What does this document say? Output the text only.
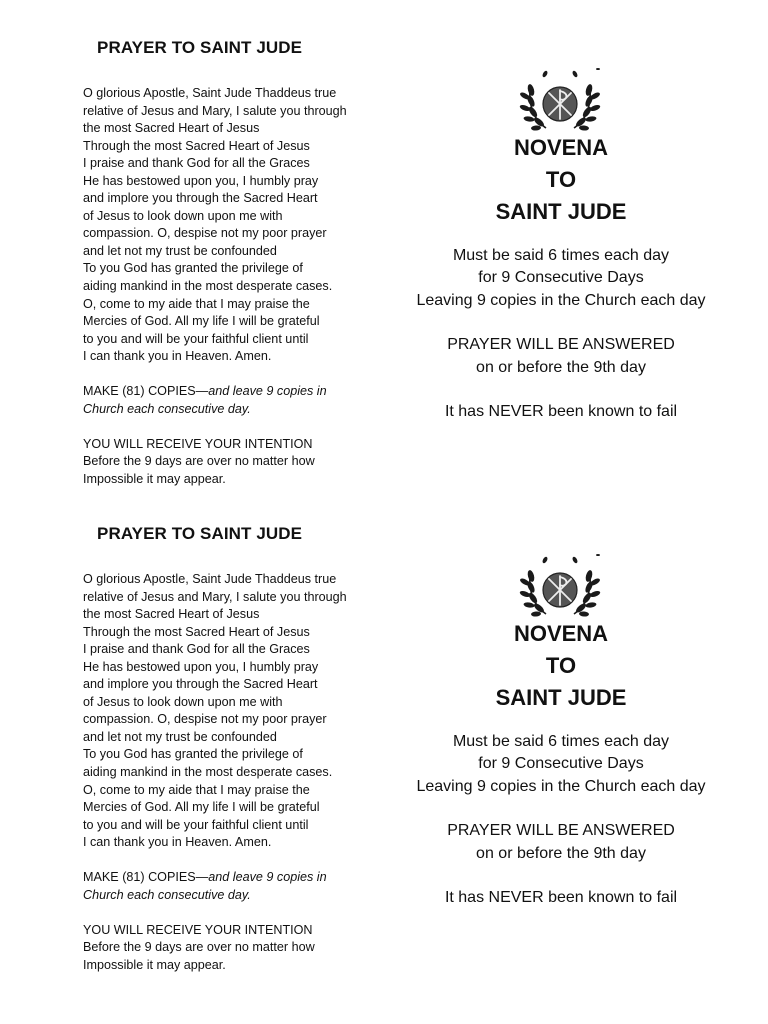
PRAYER TO SAINT JUDE
O glorious Apostle, Saint Jude Thaddeus true
relative of Jesus and Mary, I salute you through
the most Sacred Heart of Jesus
Through the most Sacred Heart of Jesus
I praise and thank God for all the Graces
He has bestowed upon you, I humbly pray
and implore you through the Sacred Heart
of Jesus to look down upon me with
compassion. O, despise not my poor prayer
and let not my trust be confounded
To you God has granted the privilege of
aiding mankind in the most desperate cases.
O, come to my aide that I may praise the
Mercies of God. All my life I will be grateful
to you and will be your faithful client until
I can thank you in Heaven. Amen.
MAKE (81) COPIES—and leave 9 copies in
Church each consecutive day.
YOU WILL RECEIVE YOUR INTENTION
Before the 9 days are over no matter how
Impossible it may appear.
NOVENA
TO
SAINT JUDE
Must be said 6 times each day
for 9 Consecutive Days
Leaving 9 copies in the Church each day
PRAYER WILL BE ANSWERED
on or before the 9th day
It has NEVER been known to fail
PRAYER TO SAINT JUDE
O glorious Apostle, Saint Jude Thaddeus true
relative of Jesus and Mary, I salute you through
the most Sacred Heart of Jesus
Through the most Sacred Heart of Jesus
I praise and thank God for all the Graces
He has bestowed upon you, I humbly pray
and implore you through the Sacred Heart
of Jesus to look down upon me with
compassion. O, despise not my poor prayer
and let not my trust be confounded
To you God has granted the privilege of
aiding mankind in the most desperate cases.
O, come to my aide that I may praise the
Mercies of God. All my life I will be grateful
to you and will be your faithful client until
I can thank you in Heaven. Amen.
MAKE (81) COPIES—and leave 9 copies in
Church each consecutive day.
YOU WILL RECEIVE YOUR INTENTION
Before the 9 days are over no matter how
Impossible it may appear.
NOVENA
TO
SAINT JUDE
Must be said 6 times each day
for 9 Consecutive Days
Leaving 9 copies in the Church each day
PRAYER WILL BE ANSWERED
on or before the 9th day
It has NEVER been known to fail
